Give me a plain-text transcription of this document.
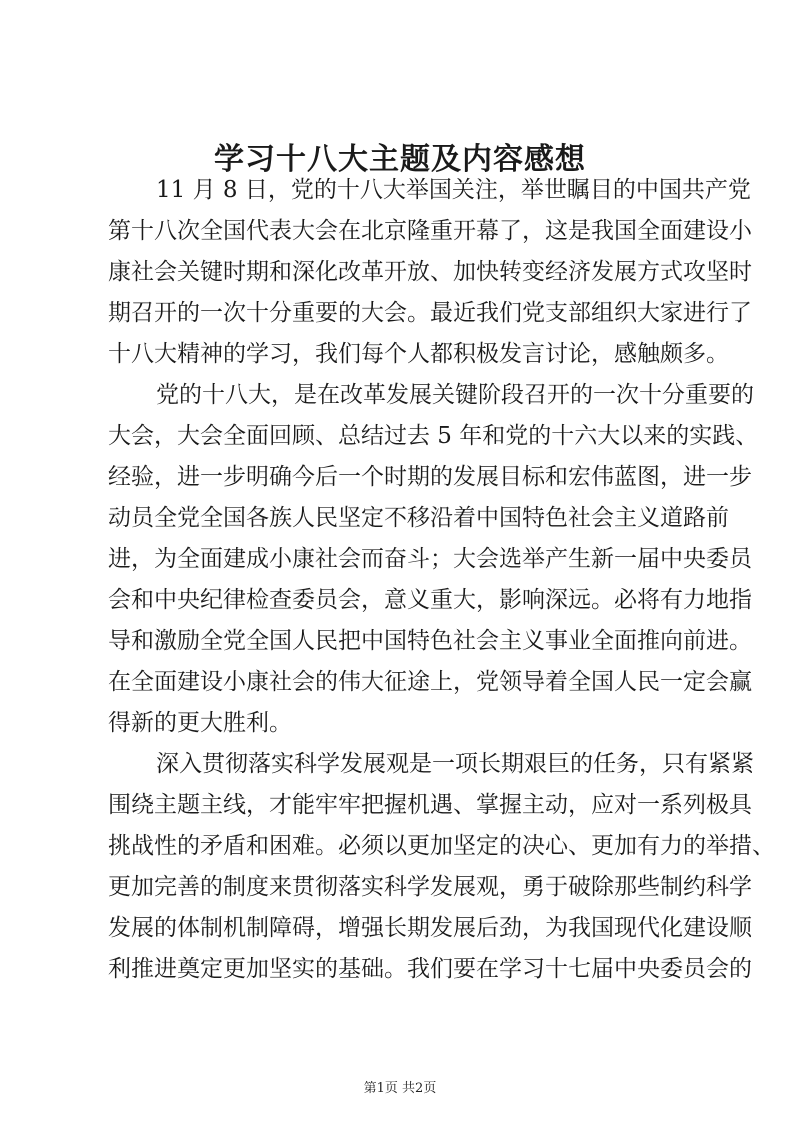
学习十八大主题及内容感想
11 月 8 日，党的十八大举国关注，举世瞩目的中国共产党
第十八次全国代表大会在北京隆重开幕了，这是我国全面建设小
康社会关键时期和深化改革开放、加快转变经济发展方式攻坚时
期召开的一次十分重要的大会。最近我们党支部组织大家进行了
十八大精神的学习，我们每个人都积极发言讨论，感触颇多。
党的十八大，是在改革发展关键阶段召开的一次十分重要的
大会，大会全面回顾、总结过去 5 年和党的十六大以来的实践、
经验，进一步明确今后一个时期的发展目标和宏伟蓝图，进一步
动员全党全国各族人民坚定不移沿着中国特色社会主义道路前
进，为全面建成小康社会而奋斗；大会选举产生新一届中央委员
会和中央纪律检查委员会，意义重大，影响深远。必将有力地指
导和激励全党全国人民把中国特色社会主义事业全面推向前进。
在全面建设小康社会的伟大征途上，党领导着全国人民一定会赢
得新的更大胜利。
深入贯彻落实科学发展观是一项长期艰巨的任务，只有紧紧
围绕主题主线，才能牢牢把握机遇、掌握主动，应对一系列极具
挑战性的矛盾和困难。必须以更加坚定的决心、更加有力的举措、
更加完善的制度来贯彻落实科学发展观，勇于破除那些制约科学
发展的体制机制障碍，增强长期发展后劲，为我国现代化建设顺
利推进奠定更加坚实的基础。我们要在学习十七届中央委员会的
第1页 共2页
